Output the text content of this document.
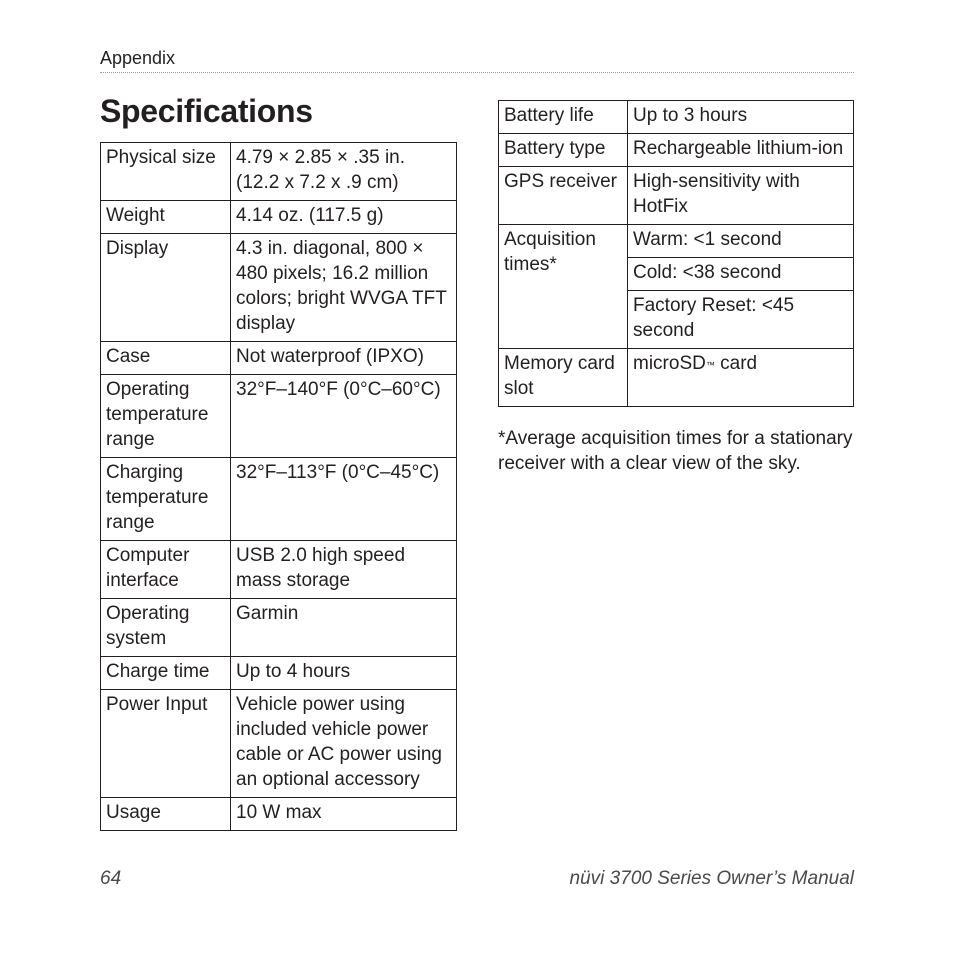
Appendix
Specifications
Physical size	4.79 × 2.85 × .35 in. (12.2 x 7.2 x .9 cm)
Weight	4.14 oz. (117.5 g)
Display	4.3 in. diagonal, 800 × 480 pixels; 16.2 million colors; bright WVGA TFT display
Case	Not waterproof (IPXO)
Operating temperature range	32°F–140°F (0°C–60°C)
Charging temperature range	32°F–113°F (0°C–45°C)
Computer interface	USB 2.0 high speed mass storage
Operating system	Garmin
Charge time	Up to 4 hours
Power Input	Vehicle power using included vehicle power cable or AC power using an optional accessory
Usage	10 W max
Battery life	Up to 3 hours
Battery type	Rechargeable lithium-ion
GPS receiver	High-sensitivity with HotFix
Acquisition times*	Warm: <1 second
	Cold: <38 second
	Factory Reset: <45 second
Memory card slot	microSD™ card
*Average acquisition times for a stationary receiver with a clear view of the sky.
64	nüvi 3700 Series Owner’s Manual
